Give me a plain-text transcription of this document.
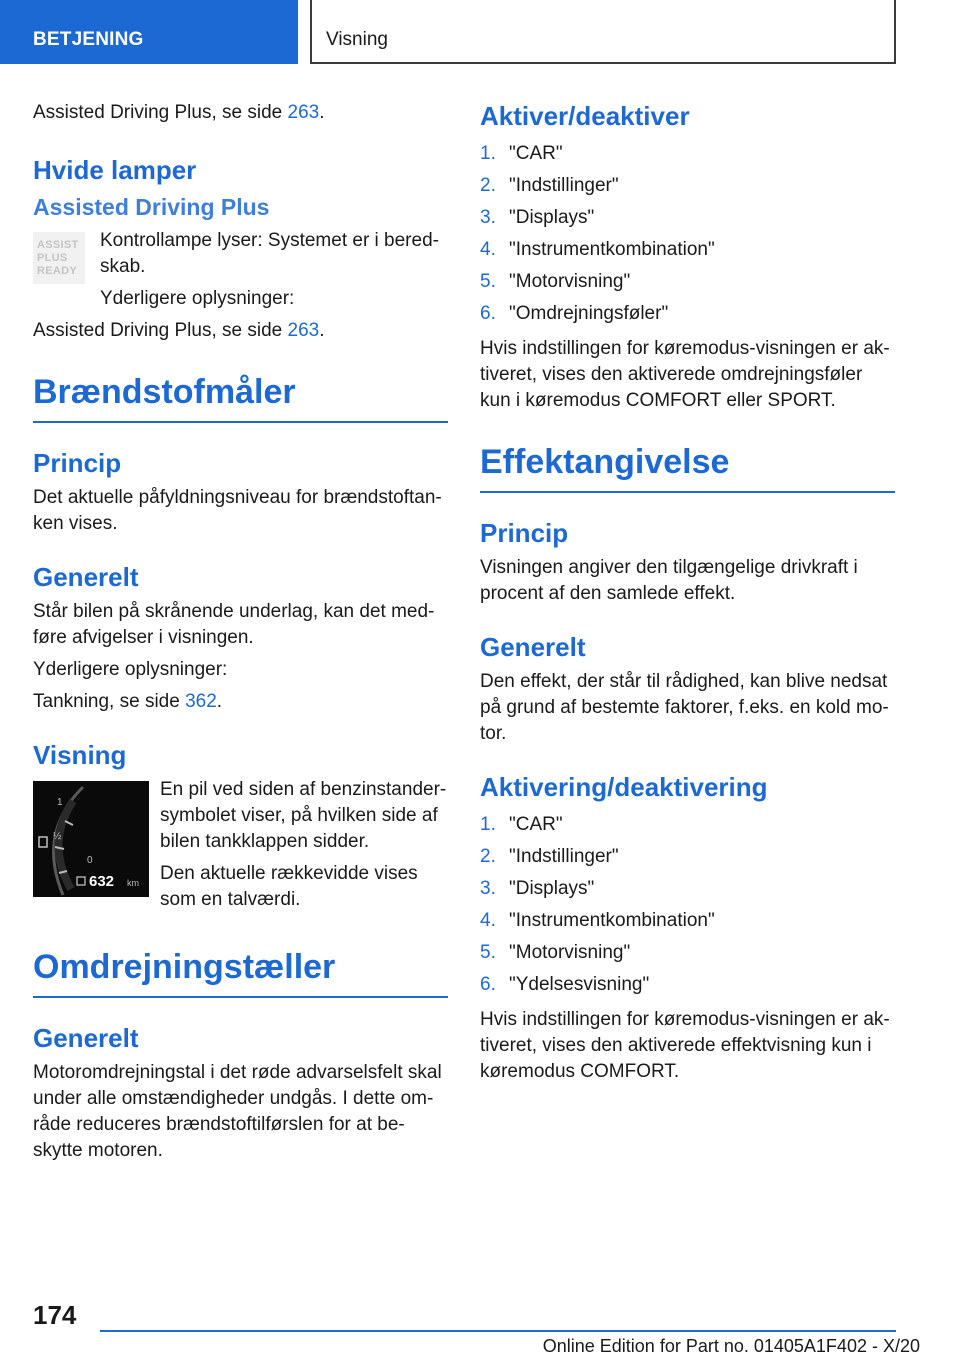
BETJENING	Visning

Assisted Driving Plus, se side 263.

Hvide lamper
Assisted Driving Plus
ASSIST
PLUS
READY

Kontrollampe lyser: Systemet er i beredskab.

Yderligere oplysninger:

Assisted Driving Plus, se side 263.

Brændstofmåler
Princip

Det aktuelle påfyldningsniveau for brændstoftanken vises.

Generelt

Står bilen på skrånende underlag, kan det medføre afvigelser i visningen.

Yderligere oplysninger:

Tankning, se side 362.

Visning
1
½
0
632 km

En pil ved siden af benzinstandersymbolet viser, på hvilken side af bilen tankklappen sidder.

Den aktuelle rækkevidde vises som en talværdi.

Omdrejningstæller
Generelt

Motoromdrejningstal i det røde advarselsfelt skal under alle omstændigheder undgås. I dette område reduceres brændstoftilførslen for at beskytte motoren.

Aktiver/deaktiver
1. "CAR"
2. "Indstillinger"
3. "Displays"
4. "Instrumentkombination"
5. "Motorvisning"
6. "Omdrejningsføler"

Hvis indstillingen for køremodus-visningen er aktiveret, vises den aktiverede omdrejningsføler kun i køremodus COMFORT eller SPORT.

Effektangivelse
Princip

Visningen angiver den tilgængelige drivkraft i procent af den samlede effekt.

Generelt

Den effekt, der står til rådighed, kan blive nedsat på grund af bestemte faktorer, f.eks. en kold motor.

Aktivering/deaktivering
1. "CAR"
2. "Indstillinger"
3. "Displays"
4. "Instrumentkombination"
5. "Motorvisning"
6. "Ydelsesvisning"

Hvis indstillingen for køremodus-visningen er aktiveret, vises den aktiverede effektvisning kun i køremodus COMFORT.

174
Online Edition for Part no. 01405A1F402 - X/20
